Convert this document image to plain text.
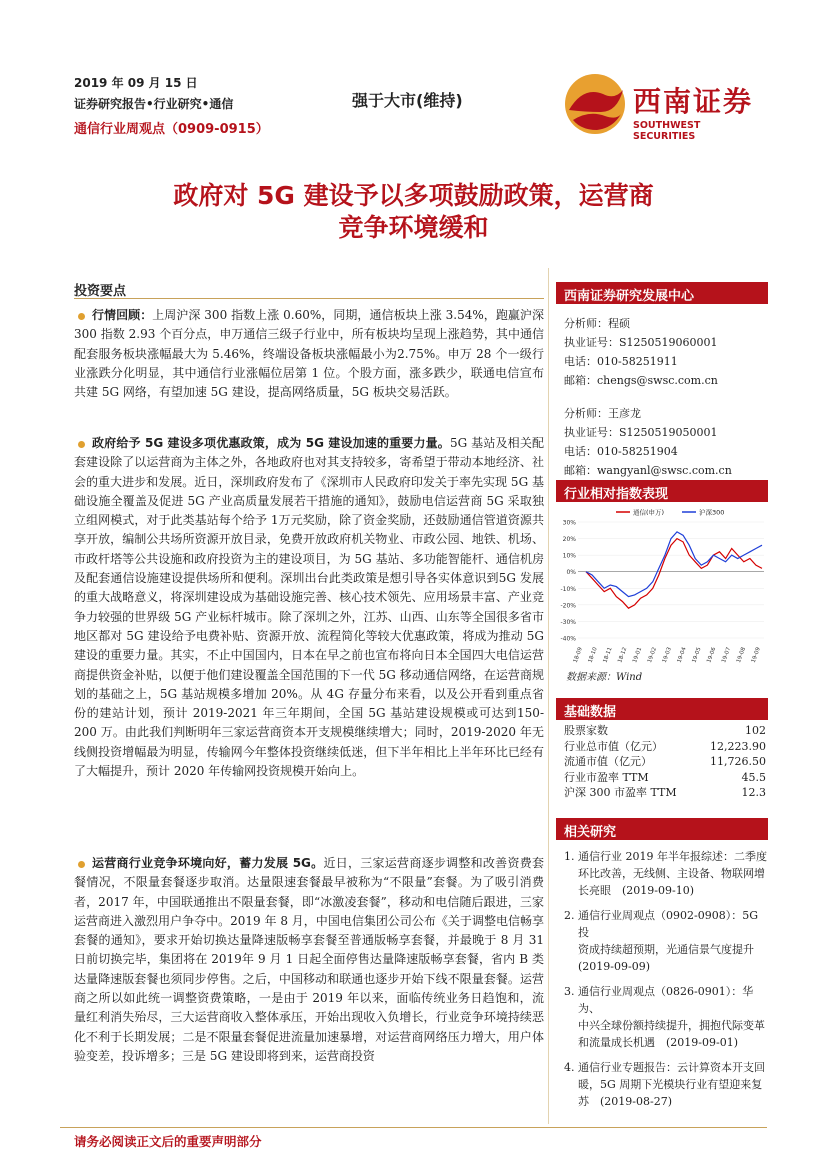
2019 年 09 月 15 日
证券研究报告•行业研究•通信
通信行业周观点（0909-0915）
强于大市(维持)	西南证券
SOUTHWEST SECURITIES
政府对 5G 建设予以多项鼓励政策，运营商
竞争环境缓和
投资要点
行情回顾：上周沪深 300 指数上涨 0.60%，同期，通信板块上涨 3.54%，跑赢沪深 300 指数 2.93 个百分点，申万通信三级子行业中，所有板块均呈现上涨趋势，其中通信配套服务板块涨幅最大为 5.46%，终端设备板块涨幅最小为2.75%。申万 28 个一级行业涨跌分化明显，其中通信行业涨幅位居第 1 位。个股方面，涨多跌少，联通电信宣布共建 5G 网络，有望加速 5G 建设，提高网络质量，5G 板块交易活跃。
政府给予 5G 建设多项优惠政策，成为 5G 建设加速的重要力量。5G 基站及相关配套建设除了以运营商为主体之外，各地政府也对其支持较多，寄希望于带动本地经济、社会的重大进步和发展。近日，深圳政府发布了《深圳市人民政府印发关于率先实现 5G 基础设施全覆盖及促进 5G 产业高质量发展若干措施的通知》，鼓励电信运营商 5G 采取独立组网模式，对于此类基站每个给予 1万元奖励，除了资金奖励，还鼓励通信管道资源共享开放，编制公共场所资源开放目录，免费开放政府机关物业、市政公园、地铁、机场、市政杆塔等公共设施和政府投资为主的建设项目，为 5G 基站、多功能智能杆、通信机房及配套通信设施建设提供场所和便利。深圳出台此类政策是想引导各实体意识到5G 发展的重大战略意义，将深圳建设成为基础设施完善、核心技术领先、应用场景丰富、产业竞争力较强的世界级 5G 产业标杆城市。除了深圳之外，江苏、山西、山东等全国很多省市地区都对 5G 建设给予电费补贴、资源开放、流程简化等较大优惠政策，将成为推动 5G 建设的重要力量。其实，不止中国国内，日本在早之前也宣布将向日本全国四大电信运营商提供资金补贴，以便于他们建设覆盖全国范围的下一代 5G 移动通信网络，在运营商规划的基础之上，5G 基站规模多增加 20%。从 4G 存量分布来看，以及公开看到重点省份的建站计划，预计 2019-2021 年三年期间，全国 5G 基站建设规模或可达到150-200 万。由此我们判断明年三家运营商资本开支规模继续增大；同时，2019-2020 年无线侧投资增幅最为明显，传输网今年整体投资继续低迷，但下半年相比上半年环比已经有了大幅提升，预计 2020 年传输网投资规模开始向上。
运营商行业竞争环境向好，蓄力发展 5G。近日，三家运营商逐步调整和改善资费套餐情况，不限量套餐逐步取消。达量限速套餐最早被称为“不限量”套餐。为了吸引消费者，2017 年，中国联通推出不限量套餐，即“冰激凌套餐”，移动和电信随后跟进，三家运营商进入激烈用户争夺中。2019 年 8 月，中国电信集团公司公布《关于调整电信畅享套餐的通知》，要求开始切换达量降速版畅享套餐至普通版畅享套餐，并最晚于 8 月 31 日前切换完毕，集团将在 2019年 9 月 1 日起全面停售达量降速版畅享套餐，省内 B 类达量降速版套餐也须同步停售。之后，中国移动和联通也逐步开始下线不限量套餐。运营商之所以如此统一调整资费策略，一是由于 2019 年以来，面临传统业务日趋饱和，流量红利消失殆尽，三大运营商收入整体承压，开始出现收入负增长，行业竞争环境持续恶化不利于长期发展；二是不限量套餐促进流量加速暴增，对运营商网络压力增大，用户体验变差，投诉增多；三是 5G 建设即将到来，运营商投资
西南证券研究发展中心
分析师：程硕
执业证号：S1250519060001
电话：010-58251911
邮箱：chengs@swsc.com.cn
分析师：王彦龙
执业证号：S1250519050001
电话：010-58251904
邮箱：wangyanl@swsc.com.cn
行业相对指数表现
30%
20%
10%
0%
-10%
-20%
-30%
-40%
18-09 18-10 18-11 18-12 19-01 19-02 19-03 19-04 19-05 19-06 19-07 19-08 19-09
通信(申万)	沪深300
数据来源：Wind
基础数据
股票家数	102
行业总市值（亿元）	12,223.90
流通市值（亿元）	11,726.50
行业市盈率 TTM	45.5
沪深 300 市盈率 TTM	12.3
相关研究
1. 通信行业 2019 年半年报综述：二季度
环比改善，无线侧、主设备、物联网增
长亮眼　(2019-09-10)
2. 通信行业周观点（0902-0908）：5G 投
资成持续超预期，光通信景气度提升
(2019-09-09)
3. 通信行业周观点（0826-0901）：华为、
中兴全球份额持续提升，拥抱代际变革
和流量成长机遇　(2019-09-01)
4. 通信行业专题报告：云计算资本开支回
暖，5G 周期下光模块行业有望迎来复
苏　(2019-08-27)
请务必阅读正文后的重要声明部分
